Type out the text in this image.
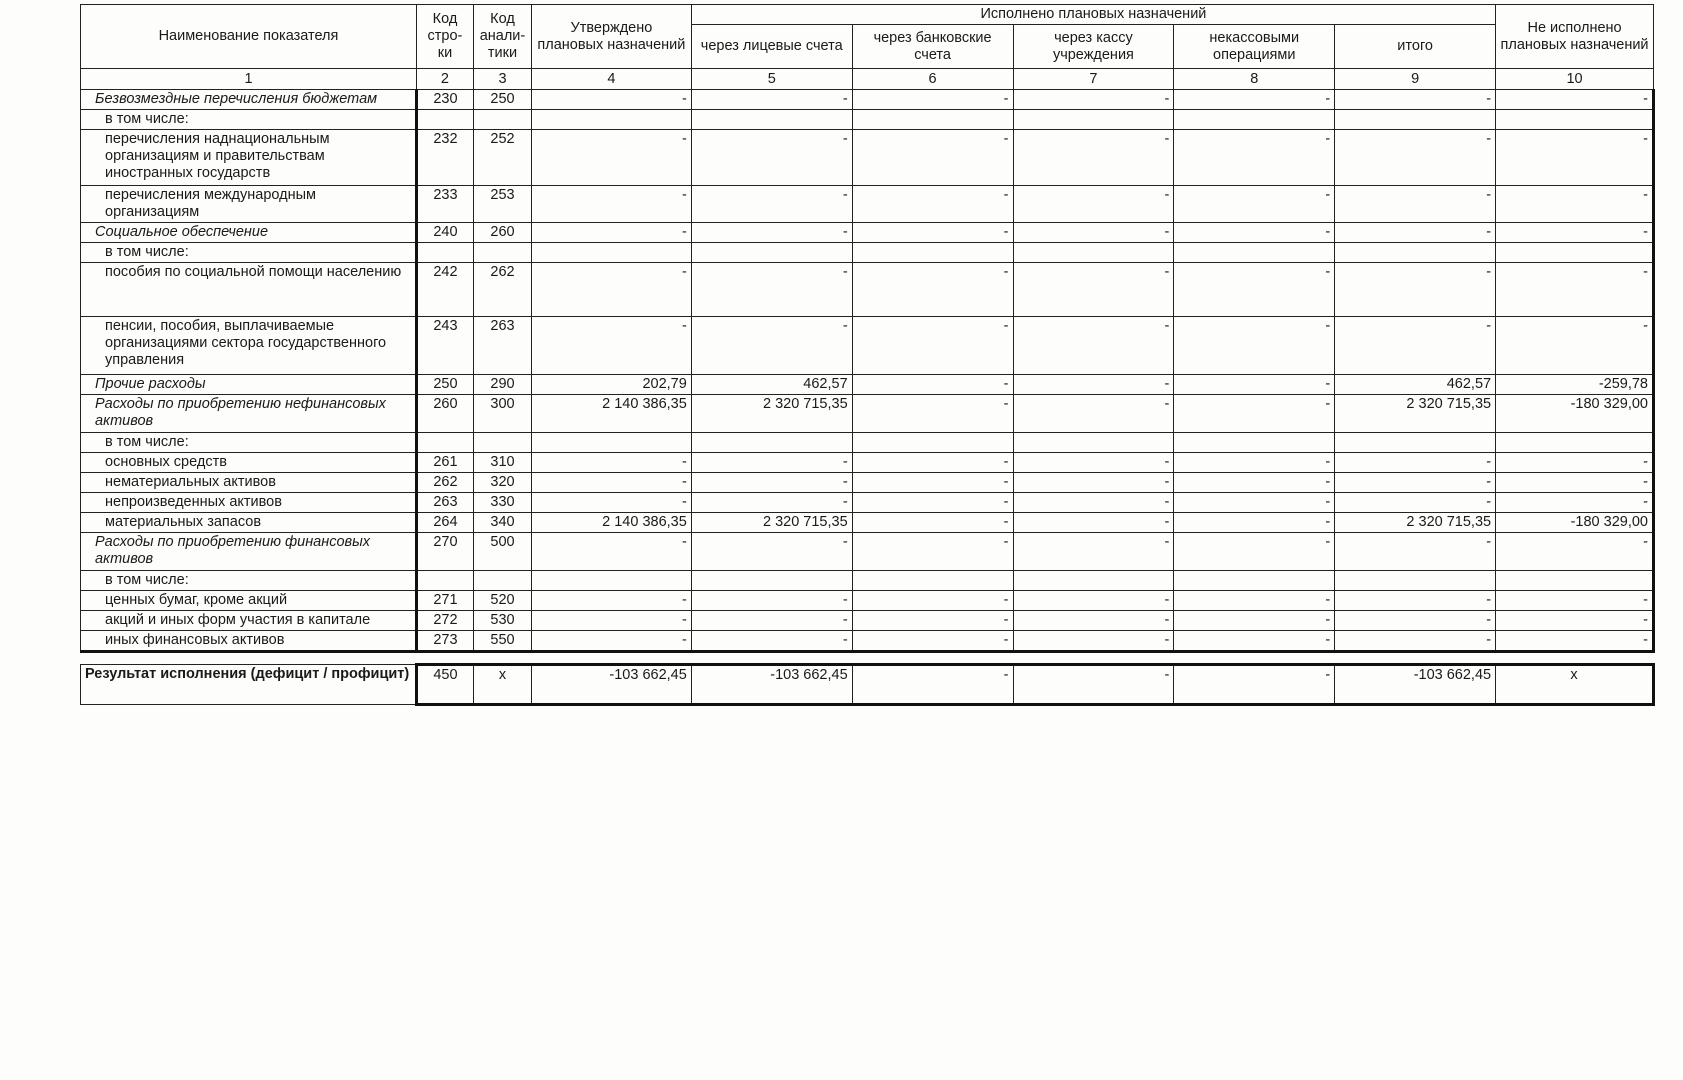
Наименование показателя	Код стро-ки	Код анали-тики	Утверждено плановых назначений	Исполнено плановых назначений					Не исполнено плановых назначений
				через лицевые счета	через банковские счета	через кассу учреждения	некассовыми операциями	итого	
1	2	3	4	5	6	7	8	9	10
Безвозмездные перечисления бюджетам	230	250	-	-	-	-	-	-	-
в том числе:									
перечисления наднациональным организациям и правительствам иностранных государств	232	252	-	-	-	-	-	-	-
перечисления международным организациям	233	253	-	-	-	-	-	-	-
Социальное обеспечение	240	260	-	-	-	-	-	-	-
в том числе:									
пособия по социальной помощи населению	242	262	-	-	-	-	-	-	-
пенсии, пособия, выплачиваемые организациями сектора государственного управления	243	263	-	-	-	-	-	-	-
Прочие расходы	250	290	202,79	462,57	-	-	-	462,57	-259,78
Расходы по приобретению нефинансовых активов	260	300	2 140 386,35	2 320 715,35	-	-	-	2 320 715,35	-180 329,00
в том числе:									
основных средств	261	310	-	-	-	-	-	-	-
нематериальных активов	262	320	-	-	-	-	-	-	-
непроизведенных активов	263	330	-	-	-	-	-	-	-
материальных запасов	264	340	2 140 386,35	2 320 715,35	-	-	-	2 320 715,35	-180 329,00
Расходы по приобретению финансовых активов	270	500	-	-	-	-	-	-	-
в том числе:									
ценных бумаг, кроме акций	271	520	-	-	-	-	-	-	-
акций и иных форм участия в капитале	272	530	-	-	-	-	-	-	-
иных финансовых активов	273	550	-	-	-	-	-	-	-

Результат исполнения (дефицит / профицит)	450	x	-103 662,45	-103 662,45	-	-	-	-103 662,45	x
